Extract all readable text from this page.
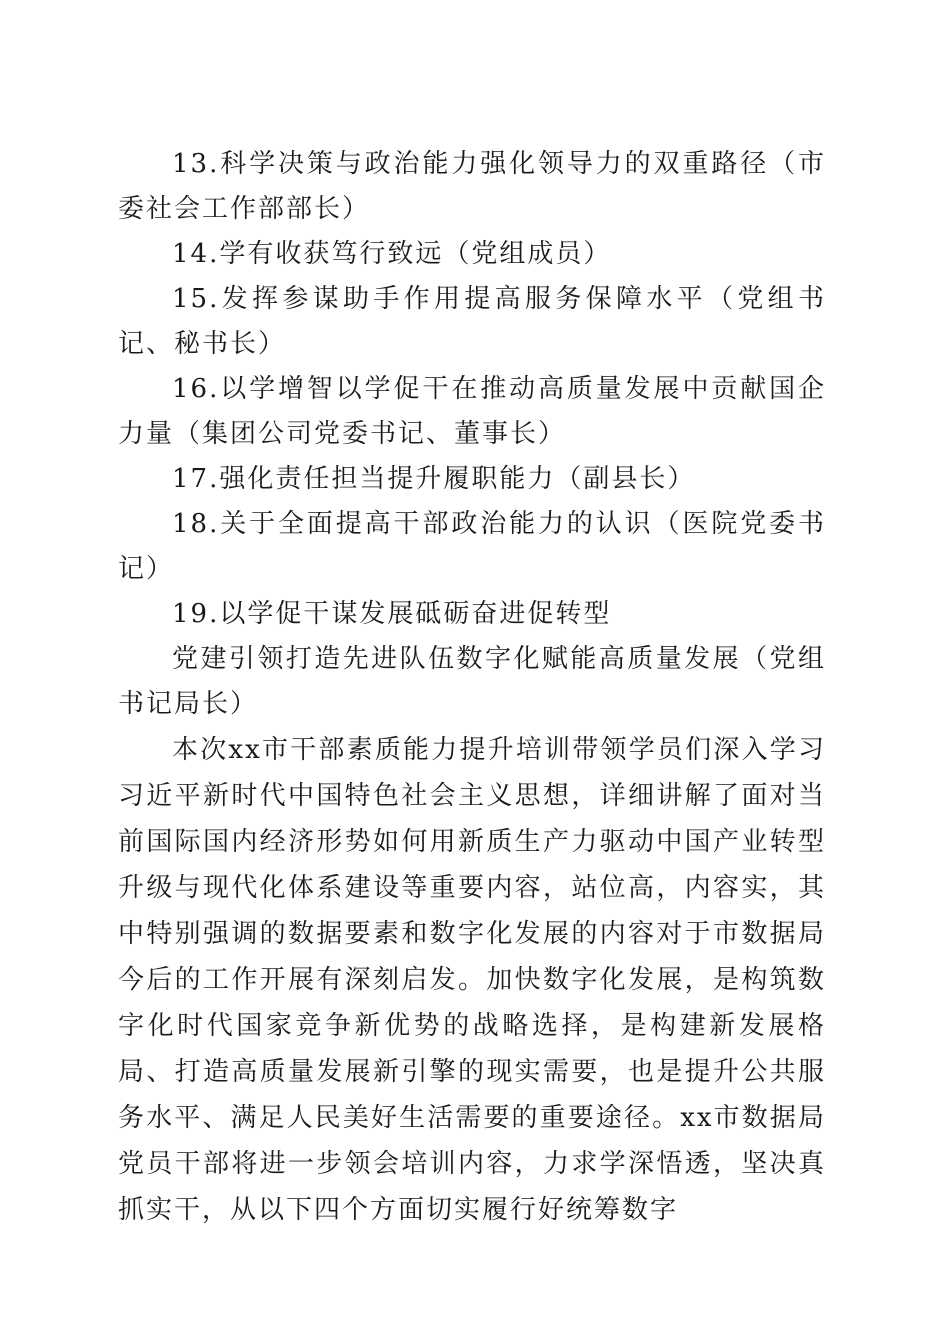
13.科学决策与政治能力强化领导力的双重路径（市委社会工作部部长）

14.学有收获笃行致远（党组成员）

15.发挥参谋助手作用提高服务保障水平（党组书记、秘书长）

16.以学增智以学促干在推动高质量发展中贡献国企力量（集团公司党委书记、董事长）

17.强化责任担当提升履职能力（副县长）

18.关于全面提高干部政治能力的认识（医院党委书记）

19.以学促干谋发展砥砺奋进促转型

党建引领打造先进队伍数字化赋能高质量发展（党组书记局长）

本次xx市干部素质能力提升培训带领学员们深入学习习近平新时代中国特色社会主义思想，详细讲解了面对当前国际国内经济形势如何用新质生产力驱动中国产业转型升级与现代化体系建设等重要内容，站位高，内容实，其中特别强调的数据要素和数字化发展的内容对于市数据局今后的工作开展有深刻启发。加快数字化发展，是构筑数字化时代国家竞争新优势的战略选择，是构建新发展格局、打造高质量发展新引擎的现实需要，也是提升公共服务水平、满足人民美好生活需要的重要途径。xx市数据局党员干部将进一步领会培训内容，力求学深悟透，坚决真抓实干，从以下四个方面切实履行好统筹数字
